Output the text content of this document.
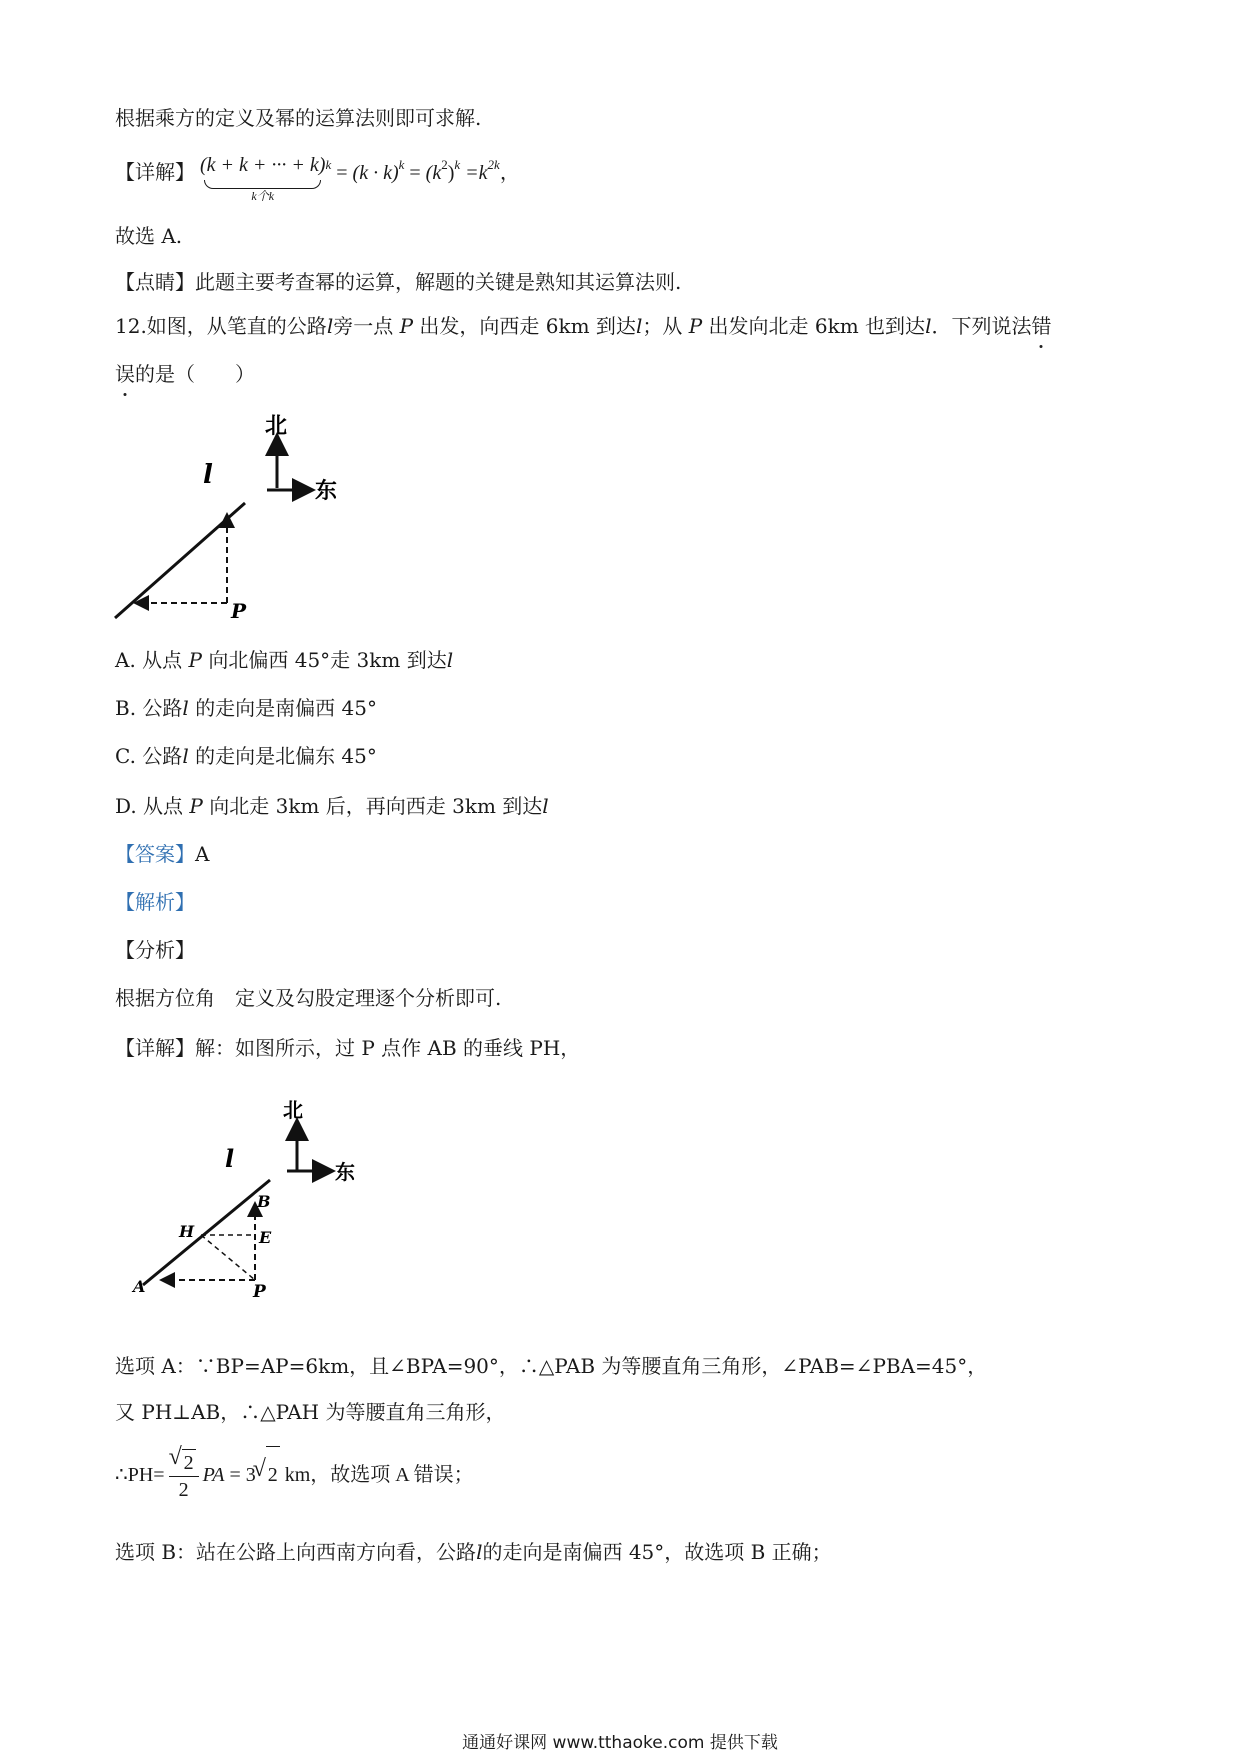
根据乘方的定义及幂的运算法则即可求解.
【详解】 (k + k + ··· + k)
k个k
$^k = (k \cdot k)^k = (k^2)^k =k^{2k}$，
故选 A.
【点睛】此题主要考查幂的运算，解题的关键是熟知其运算法则.
12.如图，从笔直的公路l旁一点 P 出发，向西走 6km 到达l；从 P 出发向北走 6km 也到达l．下列说法错
误
的是（　　）
北
东
l
P
A. 从点 P 向北偏西 45°走 3km 到达l
B. 公路l 的走向是南偏西 45°
C. 公路l 的走向是北偏东 45°
D. 从点 P 向北走 3km 后，再向西走 3km 到达l
【答案】A
【解析】
【分析】
根据方位角　定义及勾股定理逐个分析即可.
【详解】解：如图所示，过 P 点作 AB 的垂线 PH，
北
东
l
B
H	E
A	P
选项 A：∵BP=AP=6km，且∠BPA=90°，∴△PAB 为等腰直角三角形，∠PAB=∠PBA=45°，
又 PH⊥AB，∴△PAH 为等腰直角三角形，
∴PH= √ $\frac{2}{2}$ PA = 3 √ 2 km，故选项 A 错误；
选项 B：站在公路上向西南方向看，公路l的走向是南偏西 45°，故选项 B 正确；
通通好课网 www.tthaoke.com 提供下载
